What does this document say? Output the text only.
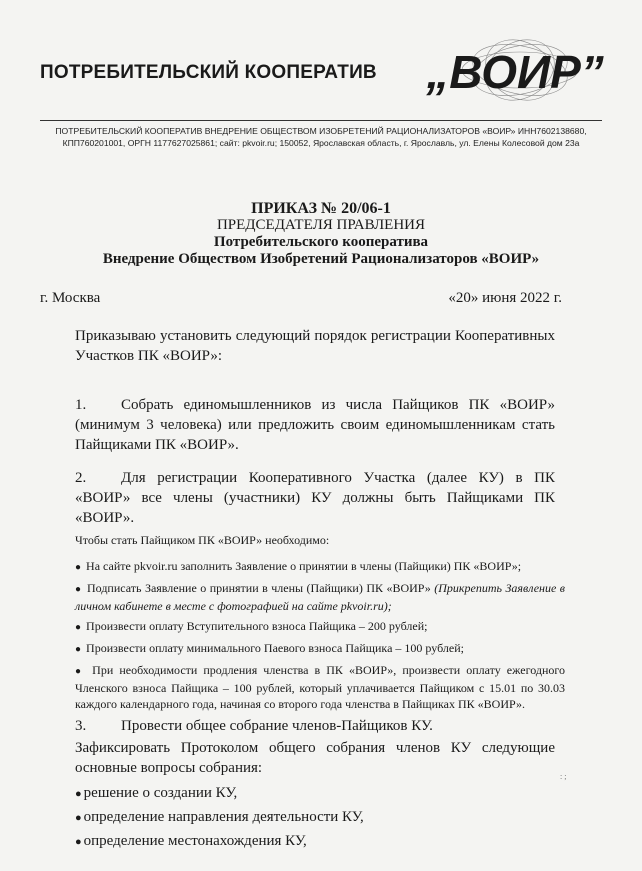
ПОТРЕБИТЕЛЬСКИЙ КООПЕРАТИВ „ВОИР”
ПОТРЕБИТЕЛЬСКИЙ КООПЕРАТИВ ВНЕДРЕНИЕ ОБЩЕСТВОМ ИЗОБРЕТЕНИЙ РАЦИОНАЛИЗАТОРОВ «ВОИР» ИНН7602138680,
КПП760201001, ОРГН 1177627025861; сайт: pkvoir.ru; 150052, Ярославская область, г. Ярославль, ул. Елены Колесовой дом 23а
ПРИКАЗ № 20/06-1
ПРЕДСЕДАТЕЛЯ ПРАВЛЕНИЯ
Потребительского кооператива
Внедрение Обществом Изобретений Рационализаторов «ВОИР»
г. Москва	«20» июня 2022 г.
Приказываю установить следующий порядок регистрации Кооперативных Участков ПК «ВОИР»:
1. Собрать единомышленников из числа Пайщиков ПК «ВОИР» (минимум 3 человека) или предложить своим единомышленникам стать Пайщиками ПК «ВОИР».
2. Для регистрации Кооперативного Участка (далее КУ) в ПК «ВОИР» все члены (участники) КУ должны быть Пайщиками ПК «ВОИР».
Чтобы стать Пайщиком ПК «ВОИР» необходимо:

● На сайте pkvoir.ru заполнить Заявление о принятии в члены (Пайщики) ПК «ВОИР»;

● Подписать Заявление о принятии в члены (Пайщики) ПК «ВОИР» (Прикрепить Заявление в личном кабинете в месте с фотографией на сайте pkvoir.ru);

● Произвести оплату Вступительного взноса Пайщика – 200 рублей;

● Произвести оплату минимального Паевого взноса Пайщика – 100 рублей;

● При необходимости продления членства в ПК «ВОИР», произвести оплату ежегодного Членского взноса Пайщика – 100 рублей, который уплачивается Пайщиком с 15.01 по 30.03 каждого календарного года, начиная со второго года членства в Пайщиках ПК «ВОИР».

3. Провести общее собрание членов-Пайщиков КУ.
Зафиксировать Протоколом общего собрания членов КУ следующие основные вопросы собрания:

● решение о создании КУ,

● определение направления деятельности КУ,

● определение местонахождения КУ,

: ;
